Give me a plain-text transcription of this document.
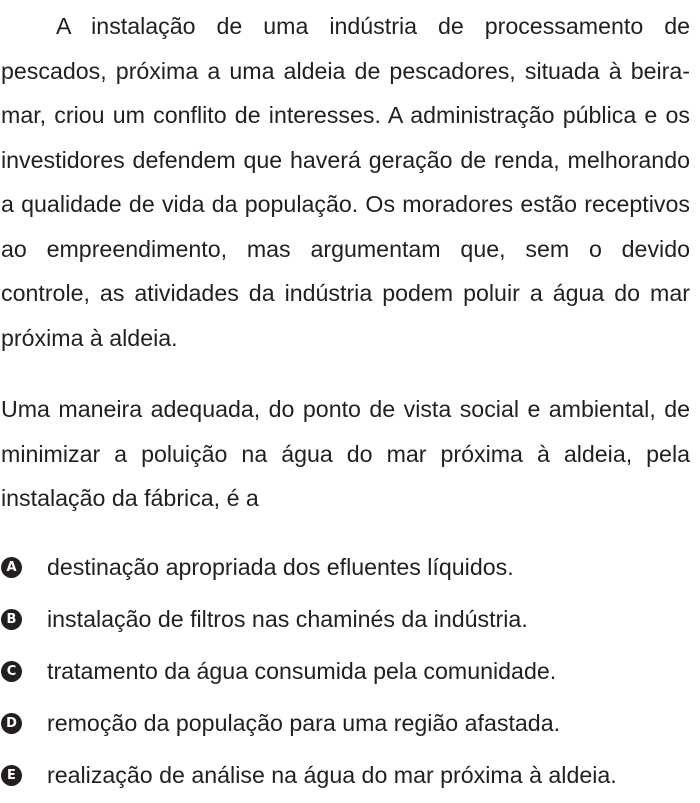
A instalação de uma indústria de processamento de pescados, próxima a uma aldeia de pescadores, situada à beira-mar, criou um conflito de interesses. A administração pública e os investidores defendem que haverá geração de renda, melhorando a qualidade de vida da população. Os moradores estão receptivos ao empreendimento, mas argumentam que, sem o devido controle, as atividades da indústria podem poluir a água do mar próxima à aldeia.

Uma maneira adequada, do ponto de vista social e ambiental, de minimizar a poluição na água do mar próxima à aldeia, pela instalação da fábrica, é a

A destinação apropriada dos efluentes líquidos.
B instalação de filtros nas chaminés da indústria.
C tratamento da água consumida pela comunidade.
D remoção da população para uma região afastada.
E realização de análise na água do mar próxima à aldeia.
